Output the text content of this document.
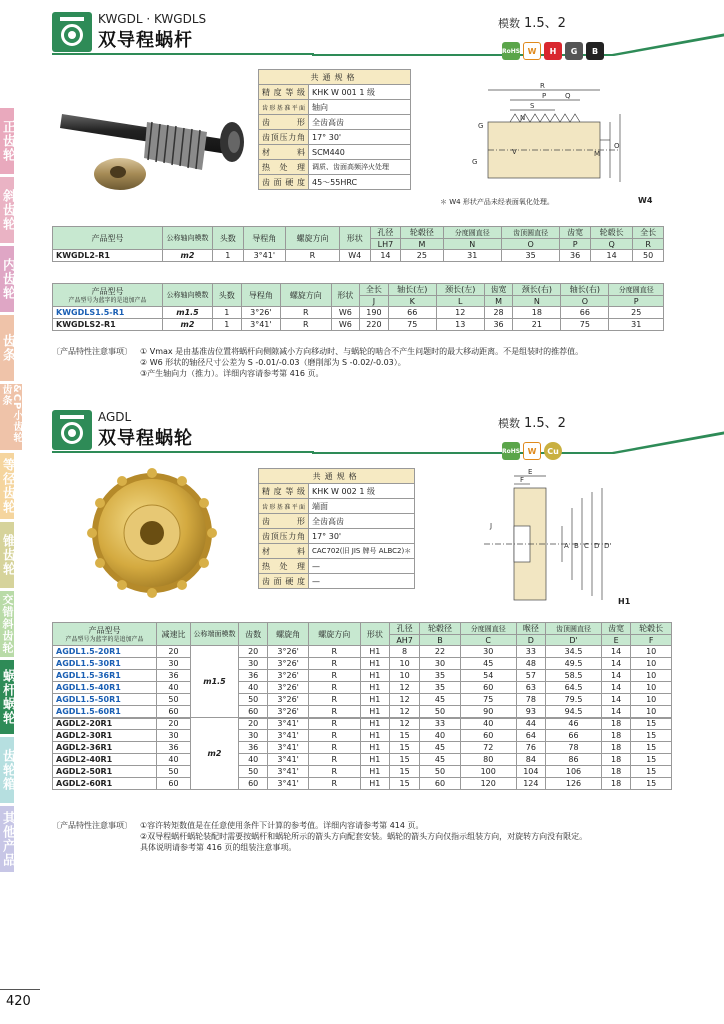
正齿轮
斜齿轮
内齿轮
齿条
&CP小齿轮齿条
等径齿轮
锥齿轮
交错斜齿轮
蜗杆蜗轮
齿轮箱
其他产品
420
KWGDL · KWGDLS
双导程蜗杆
模数 1.5、2
RoHS W	H	G	B
共通规格	
精度等级	KHK W 001 1 级
齿形基准平面	轴向
齿形	全齿高齿
齿顶压力角	17° 30'
材料	SCM440
热处理	调质、齿面高频淬火处理
齿面硬度	45～55HRC
R
P	Q
S
N
O
G
G
M
V
＊ W4 形状产品未经表面氧化处理。	W4
产品型号	公称轴向模数	头数	导程角	螺旋方向	形状	孔径	轮毂径	分度圆直径	齿顶圆直径	齿宽	轮毂长	全长
						LH7	M	N	O	P	Q	R
KWGDL2-R1	m2	1	3°41'	R	W4	14	25	31	35	36	14	50
产品型号
产品型号为蓝字的是追加产品	公称轴向模数	头数	导程角	螺旋方向	形状	全长	轴长(左)	颈长(左)	齿宽	颈长(右)	轴长(右)	分度圆直径
						J	K	L	M	N	O	P
KWGDLS1.5-R1	m1.5	1	3°26'	R	W6	190	66	12	28	18	66	25
KWGDLS2-R1	m2	1	3°41'	R	W6	220	75	13	36	21	75	31
〔产品特性注意事项〕 ① Vmax 是由基准齿位置将蜗杆向侧隙减小方向移动时、与蜗轮的啮合不产生问题时的最大移动距离。不是组装时的推荐值。
② W6 形状的轴径尺寸公差为 S -0.01/-0.03（磨削部为 S -0.02/-0.03）。
③产生轴向力（推力）。详细内容请参考第 416 页。
AGDL
双导程蜗轮
模数 1.5、2
RoHS W	Cu
共通规格	
精度等级	KHK W 002 1 级
齿形基准平面	端面
齿形	全齿高齿
齿顶压力角	17° 30'
材料	CAC702(旧 JIS 牌号 ALBC2)＊
热处理	—
齿面硬度	—
E
F
J
A B C D D'
H1
产品型号
产品型号为蓝字的是追加产品	减速比	公称端面模数	齿数	螺旋角	螺旋方向	形状	孔径	轮毂径	分度圆直径	喉径	齿顶圆直径	齿宽	轮毂长
							AH7	B	C	D	D'	E	F
AGDL1.5-20R1	20	m1.5	20	3°26'	R	H1	8	22	30	33	34.5	14	10
AGDL1.5-30R1	30		30	3°26'	R	H1	10	30	45	48	49.5	14	10
AGDL1.5-36R1	36		36	3°26'	R	H1	10	35	54	57	58.5	14	10
AGDL1.5-40R1	40		40	3°26'	R	H1	12	35	60	63	64.5	14	10
AGDL1.5-50R1	50		50	3°26'	R	H1	12	45	75	78	79.5	14	10
AGDL1.5-60R1	60		60	3°26'	R	H1	12	50	90	93	94.5	14	10
AGDL2-20R1	20	m2	20	3°41'	R	H1	12	33	40	44	46	18	15
AGDL2-30R1	30		30	3°41'	R	H1	15	40	60	64	66	18	15
AGDL2-36R1	36		36	3°41'	R	H1	15	45	72	76	78	18	15
AGDL2-40R1	40		40	3°41'	R	H1	15	45	80	84	86	18	15
AGDL2-50R1	50		50	3°41'	R	H1	15	50	100	104	106	18	15
AGDL2-60R1	60		60	3°41'	R	H1	15	60	120	124	126	18	15
〔产品特性注意事项〕 ①容许转矩数值是在任意使用条件下计算的参考值。详细内容请参考第 414 页。
②双导程蜗杆蜗轮装配时需要按蜗杆和蜗轮所示的箭头方向配套安装。蜗轮的箭头方向仅指示组装方向，对旋转方向没有限定。
具体说明请参考第 416 页的组装注意事项。
